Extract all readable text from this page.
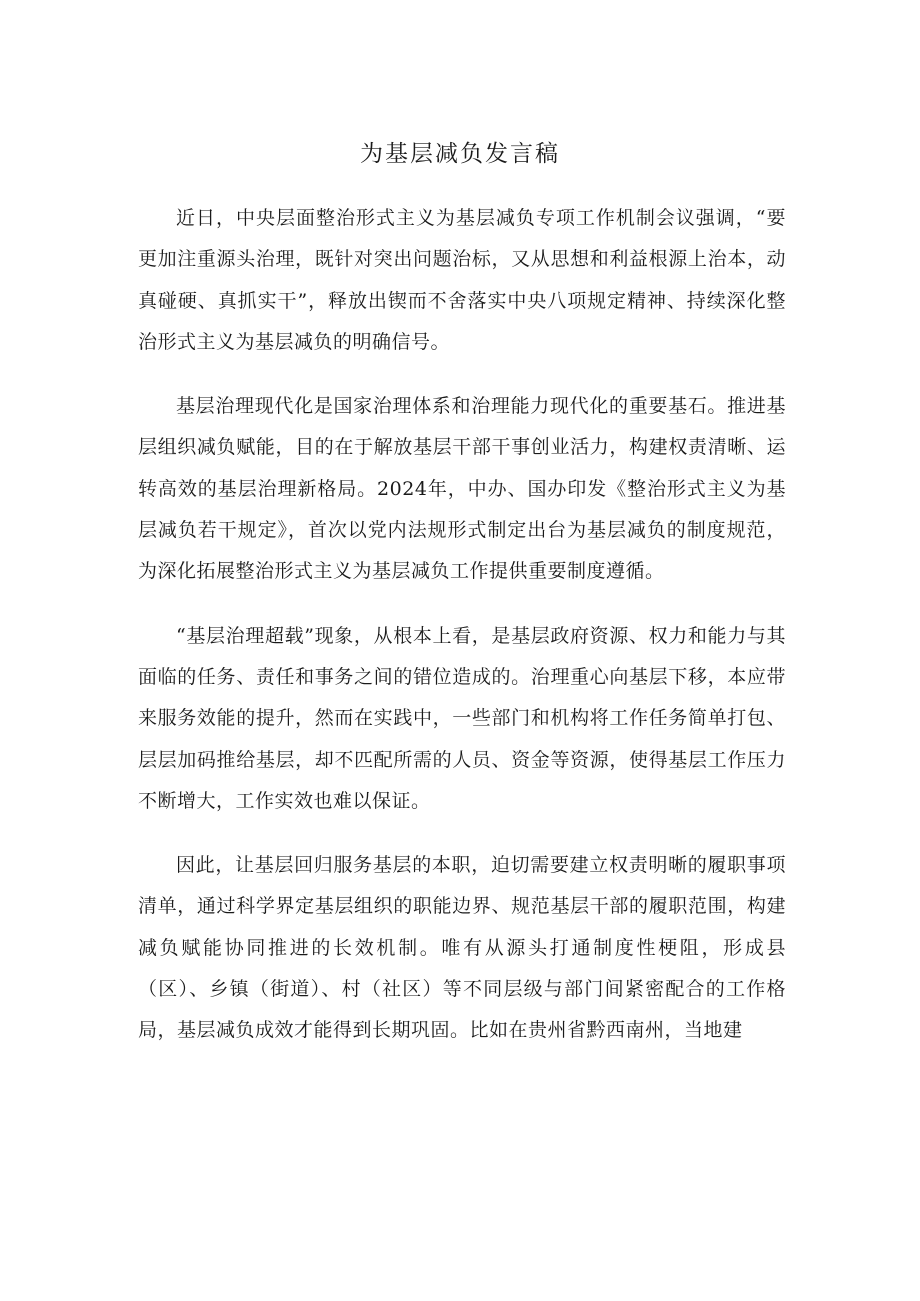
为基层减负发言稿

近日，中央层面整治形式主义为基层减负专项工作机制会议强调，“要更加注重源头治理，既针对突出问题治标，又从思想和利益根源上治本，动真碰硬、真抓实干”，释放出锲而不舍落实中央八项规定精神、持续深化整治形式主义为基层减负的明确信号。

基层治理现代化是国家治理体系和治理能力现代化的重要基石。推进基层组织减负赋能，目的在于解放基层干部干事创业活力，构建权责清晰、运转高效的基层治理新格局。2024年，中办、国办印发《整治形式主义为基层减负若干规定》，首次以党内法规形式制定出台为基层减负的制度规范，为深化拓展整治形式主义为基层减负工作提供重要制度遵循。

“基层治理超载”现象，从根本上看，是基层政府资源、权力和能力与其面临的任务、责任和事务之间的错位造成的。治理重心向基层下移，本应带来服务效能的提升，然而在实践中，一些部门和机构将工作任务简单打包、层层加码推给基层，却不匹配所需的人员、资金等资源，使得基层工作压力不断增大，工作实效也难以保证。

因此，让基层回归服务基层的本职，迫切需要建立权责明晰的履职事项清单，通过科学界定基层组织的职能边界、规范基层干部的履职范围，构建减负赋能协同推进的长效机制。唯有从源头打通制度性梗阻，形成县（区）、乡镇（街道）、村（社区）等不同层级与部门间紧密配合的工作格局，基层减负成效才能得到长期巩固。比如在贵州省黔西南州，当地建
